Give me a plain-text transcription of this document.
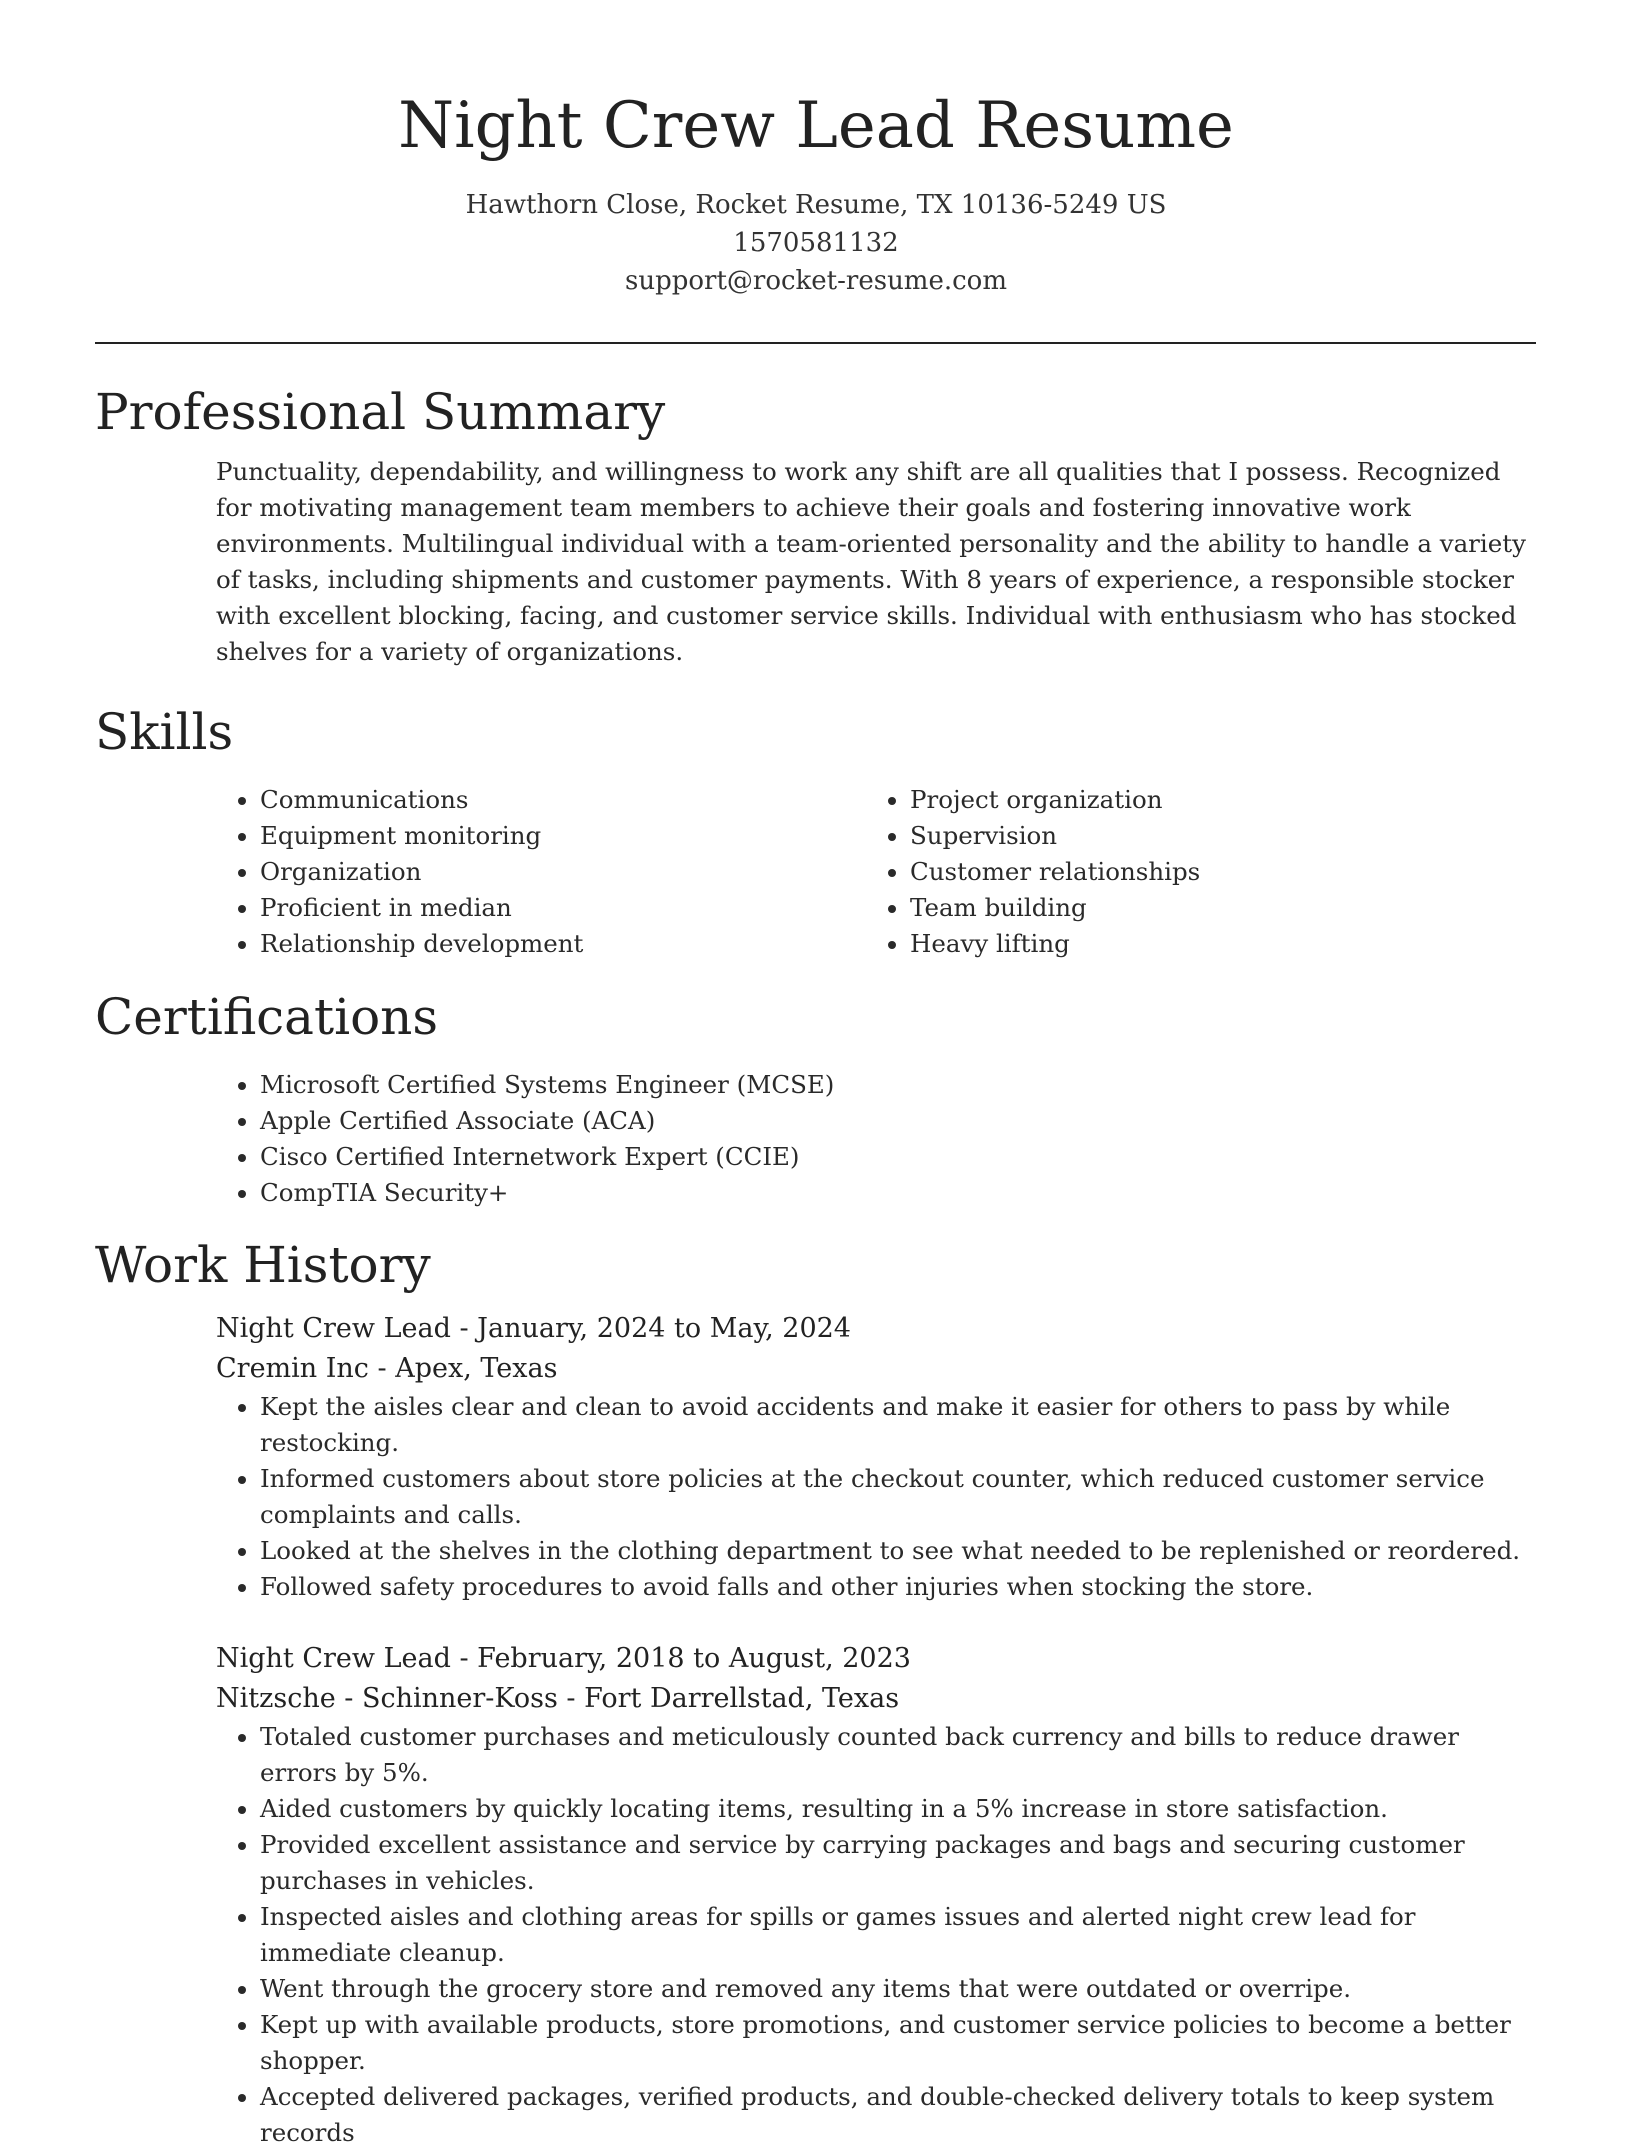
Night Crew Lead Resume
Hawthorn Close, Rocket Resume, TX 10136-5249 US
1570581132
support@rocket-resume.com
Professional Summary
Punctuality, dependability, and willingness to work any shift are all qualities that I possess. Recognized for motivating management team members to achieve their goals and fostering innovative work environments. Multilingual individual with a team-oriented personality and the ability to handle a variety of tasks, including shipments and customer payments. With 8 years of experience, a responsible stocker with excellent blocking, facing, and customer service skills. Individual with enthusiasm who has stocked shelves for a variety of organizations.
Skills
• Communications
• Equipment monitoring
• Organization
• Proficient in median
• Relationship development
• Project organization
• Supervision
• Customer relationships
• Team building
• Heavy lifting
Certifications
• Microsoft Certified Systems Engineer (MCSE)
• Apple Certified Associate (ACA)
• Cisco Certified Internetwork Expert (CCIE)
• CompTIA Security+
Work History
Night Crew Lead - January, 2024 to May, 2024
Cremin Inc - Apex, Texas
• Kept the aisles clear and clean to avoid accidents and make it easier for others to pass by while restocking.
• Informed customers about store policies at the checkout counter, which reduced customer service complaints and calls.
• Looked at the shelves in the clothing department to see what needed to be replenished or reordered.
• Followed safety procedures to avoid falls and other injuries when stocking the store.
Night Crew Lead - February, 2018 to August, 2023
Nitzsche - Schinner-Koss - Fort Darrellstad, Texas
• Totaled customer purchases and meticulously counted back currency and bills to reduce drawer errors by 5%.
• Aided customers by quickly locating items, resulting in a 5% increase in store satisfaction.
• Provided excellent assistance and service by carrying packages and bags and securing customer purchases in vehicles.
• Inspected aisles and clothing areas for spills or games issues and alerted night crew lead for immediate cleanup.
• Went through the grocery store and removed any items that were outdated or overripe.
• Kept up with available products, store promotions, and customer service policies to become a better shopper.
• Accepted delivered packages, verified products, and double-checked delivery totals to keep system records
